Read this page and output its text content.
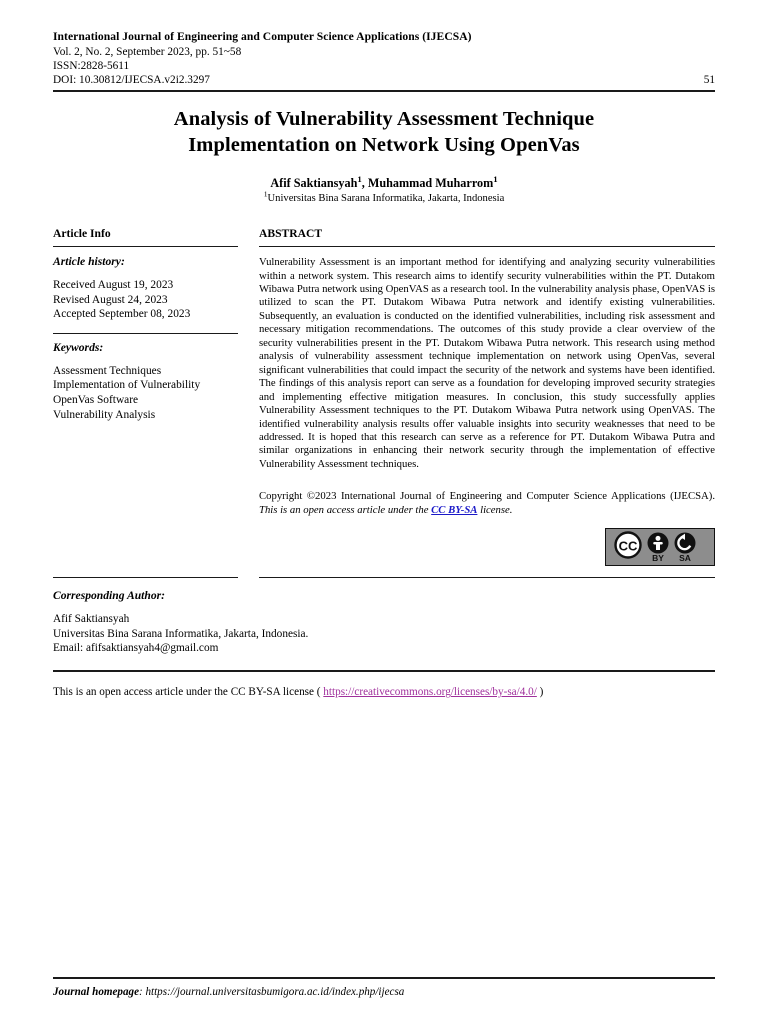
International Journal of Engineering and Computer Science Applications (IJECSA)
Vol. 2, No. 2, September 2023, pp. 51~58
ISSN:2828-5611
DOI: 10.30812/IJECSA.v2i2.3297	51
Analysis of Vulnerability Assessment Technique Implementation on Network Using OpenVas
Afif Saktiansyah$^1$, Muhammad Muharrom$^1$
$^1$Universitas Bina Sarana Informatika, Jakarta, Indonesia
Article Info
Article history:
Received August 19, 2023
Revised August 24, 2023
Accepted September 08, 2023
Keywords:
Assessment Techniques
Implementation of Vulnerability
OpenVas Software
Vulnerability Analysis
ABSTRACT

Vulnerability Assessment is an important method for identifying and analyzing security vulnerabilities within a network system. This research aims to identify security vulnerabilities within the PT. Dutakom Wibawa Putra network using OpenVAS as a research tool. In the vulnerability analysis phase, OpenVAS is utilized to scan the PT. Dutakom Wibawa Putra network and identify existing vulnerabilities. Subsequently, an evaluation is conducted on the identified vulnerabilities, including risk assessment and necessary mitigation recommendations. The outcomes of this study provide a clear overview of the security vulnerabilities present in the PT. Dutakom Wibawa Putra network. This research using method analysis of vulnerability assessment technique implementation on network using OpenVas, several significant vulnerabilities that could impact the security of the network and systems have been identified. The findings of this analysis report can serve as a foundation for developing improved security strategies and implementing effective mitigation measures. In conclusion, this study successfully applies Vulnerability Assessment techniques to the PT. Dutakom Wibawa Putra network using OpenVAS. The identified vulnerability analysis results offer valuable insights into security weaknesses that need to be addressed. It is hoped that this research can serve as a reference for PT. Dutakom Wibawa Putra and similar organizations in enhancing their network security through the implementation of effective Vulnerability Assessment techniques.

Copyright ©2023 International Journal of Engineering and Computer Science Applications (IJECSA). This is an open access article under the CC BY-SA license.
CC
BY SA
Corresponding Author:
Afif Saktiansyah
Universitas Bina Sarana Informatika, Jakarta, Indonesia.
Email: afifsaktiansyah4@gmail.com
This is an open access article under the CC BY-SA license ( https://creativecommons.org/licenses/by-sa/4.0/ )
Journal homepage: https://journal.universitasbumigora.ac.id/index.php/ijecsa
